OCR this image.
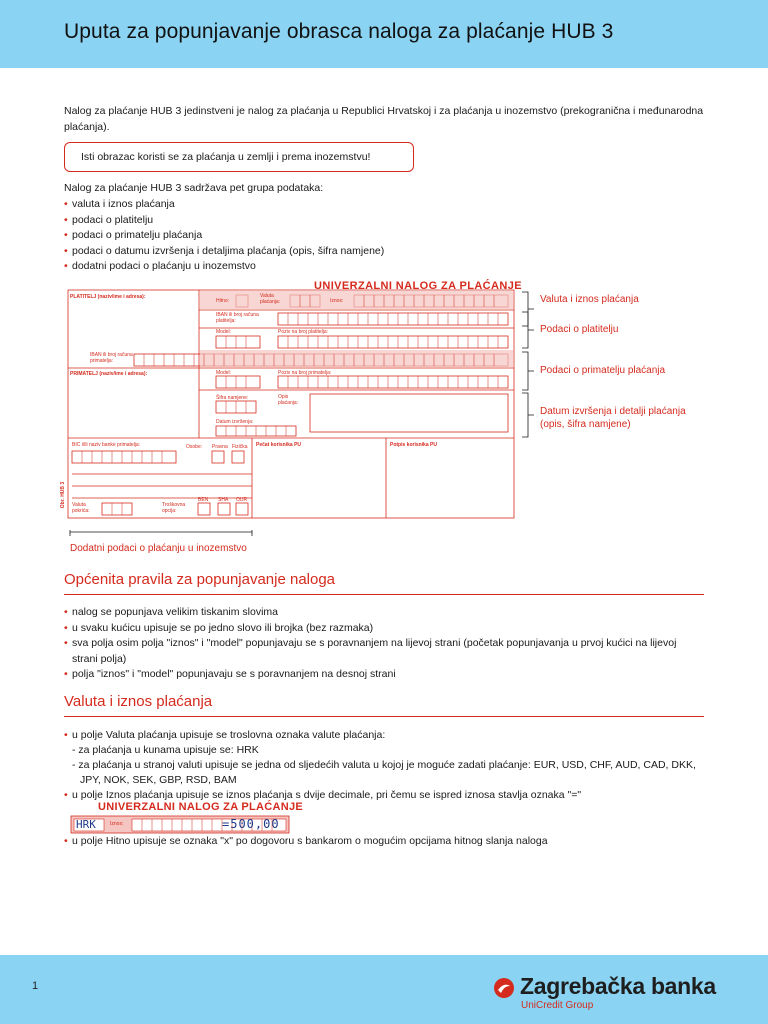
Uputa za popunjavanje obrasca naloga za plaćanje HUB 3
Nalog za plaćanje HUB 3 jedinstveni je nalog za plaćanja u Republici Hrvatskoj i za plaćanja u inozemstvo (prekogranična i međunarodna plaćanja).
Isti obrazac koristi se za plaćanja u zemlji i prema inozemstvu!
Nalog za plaćanje HUB 3 sadržava pet grupa podataka:
• valuta i iznos plaćanja
• podaci o platitelju
• podaci o primatelju plaćanja
• podaci o datumu izvršenja i detaljima plaćanja (opis, šifra namjene)
• dodatni podaci o plaćanju u inozemstvo
UNIVERZALNI NALOG ZA PLAĆANJE
PLATITELJ (naziv/ime i adresa):
Hitno:
Valuta plaćanja:	Iznos:
IBAN ili broj računa platitelja:
Model:	Poziv na broj platitelja:
IBAN ili broj računa primatelja:
PRIMATELJ (naziv/ime i adresa):	Model:	Poziv na broj primatelja:
Šifra namjene:	Opis plaćanja:
Datum izvršenja:
BIC i/ili naziv banke primatelja:	Osobe: Pravna Fizička Pečat korisnika PU	Potpis korisnika PU
Valuta pokrića:
Troškovna opcija:
BEN SHA OUR
Obr. HUB 3
Valuta i iznos plaćanja
Podaci o platitelju
Podaci o primatelju plaćanja
Datum izvršenja i detalji plaćanja
(opis, šifra namjene)
Dodatni podaci o plaćanju u inozemstvo
Općenita pravila za popunjavanje naloga
• nalog se popunjava velikim tiskanim slovima
• u svaku kućicu upisuje se po jedno slovo ili brojka (bez razmaka)
• sva polja osim polja "iznos" i "model" popunjavaju se s poravnanjem na lijevoj strani (početak popunjavanja u prvoj kućici na lijevoj strani polja)
• polja "iznos" i "model" popunjavaju se s poravnanjem na desnoj strani
Valuta i iznos plaćanja
• u polje Valuta plaćanja upisuje se troslovna oznaka valute plaćanja:
- za plaćanja u kunama upisuje se: HRK
- za plaćanja u stranoj valuti upisuje se jedna od sljedećih valuta u kojoj je moguće zadati plaćanje: EUR, USD, CHF, AUD, CAD, DKK,
JPY, NOK, SEK, GBP, RSD, BAM
• u polje Iznos plaćanja upisuje se iznos plaćanja s dvije decimale, pri čemu se ispred iznosa stavlja oznaka "="
UNIVERZALNI NALOG ZA PLAĆANJE
HRK	Iznos:	=500,00
• u polje Hitno upisuje se oznaka "x" po dogovoru s bankarom o mogućim opcijama hitnog slanja naloga
1	Zagrebačka banka
UniCredit Group
